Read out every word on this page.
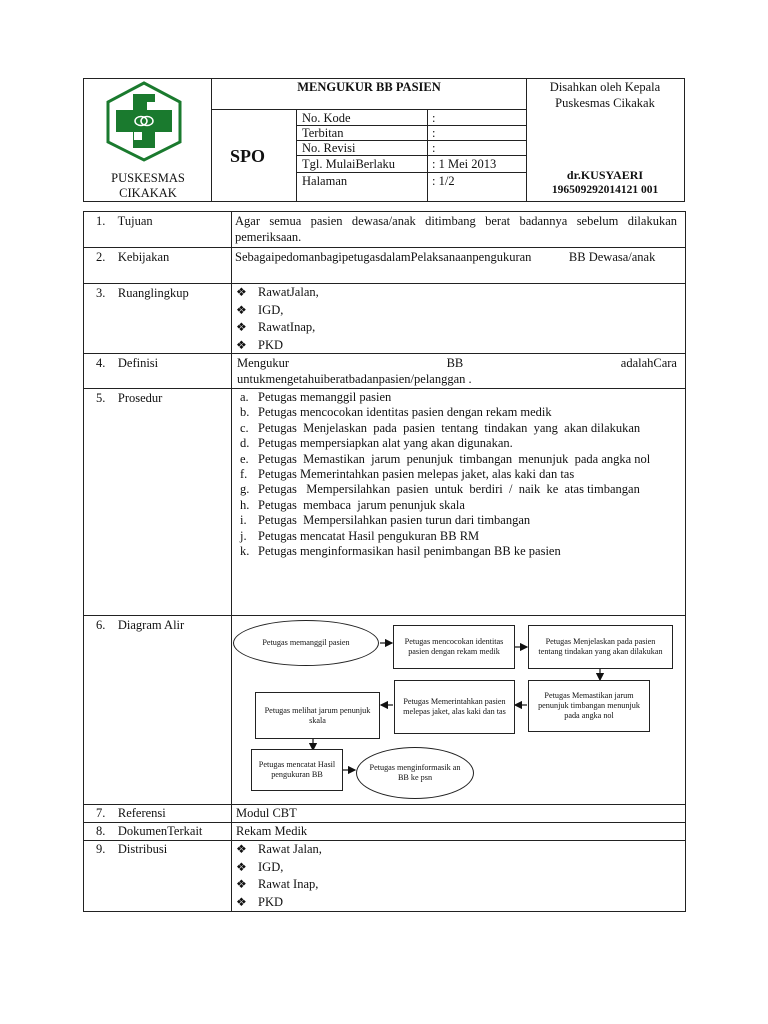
PUSKESMAS
CIKAKAK
MENGUKUR BB PASIEN
SPO
No. Kode	:
Terbitan	:
No. Revisi	:
Tgl. MulaiBerlaku	: 1 Mei 2013
Halaman	: 1/2
Disahkan oleh Kepala
Puskesmas Cikakak
dr.KUSYAERI
196509292014121 001
1.    Tujuan	Agar semua pasien dewasa/anak ditimbang berat badannya sebelum dilakukan pemeriksaan.
2.    Kebijakan	SebagaipedomanbagipetugasdalamPelaksanaanpengukuran            BB Dewasa/anak
3.    Ruanglingkup	❖ RawatJalan,
❖ IGD,
❖ RawatInap,
❖ PKD
4.    Definisi	Mengukur	BB	adalahCara
untukmengetahuiberatbadanpasien/pelanggan .
5.    Prosedur	a. Petugas memanggil pasien
b. Petugas mencocokan identitas pasien dengan rekam medik
c. Petugas  Menjelaskan  pada  pasien  tentang  tindakan  yang  akan dilakukan
d. Petugas mempersiapkan alat yang akan digunakan.
e. Petugas  Memastikan  jarum  penunjuk  timbangan  menunjuk  pada angka nol
f. Petugas Memerintahkan pasien melepas jaket, alas kaki dan tas
g. Petugas   Mempersilahkan  pasien  untuk  berdiri  /  naik  ke  atas timbangan
h. Petugas  membaca  jarum penunjuk skala
i. Petugas  Mempersilahkan pasien turun dari timbangan
j. Petugas mencatat Hasil pengukuran BB RM
k. Petugas menginformasikan hasil penimbangan BB ke pasien
6.    Diagram Alir
Petugas memanggil pasien	Petugas mencocokan identitas pasien dengan rekam medik
Petugas Menjelaskan pada pasien tentang tindakan yang akan dilakukan
Petugas Memastikan jarum penunjuk timbangan menunjuk pada angka nol
Petugas Memerintahkan pasien melepas jaket, alas kaki dan tas
Petugas melihat jarum penunjuk skala
Petugas mencatat Hasil pengukuran BB
Petugas menginformasik an BB ke psn
7.    Referensi	Modul CBT
8.    DokumenTerkait	Rekam Medik
9.    Distribusi	❖ Rawat Jalan,
❖ IGD,
❖ Rawat Inap,
❖ PKD
